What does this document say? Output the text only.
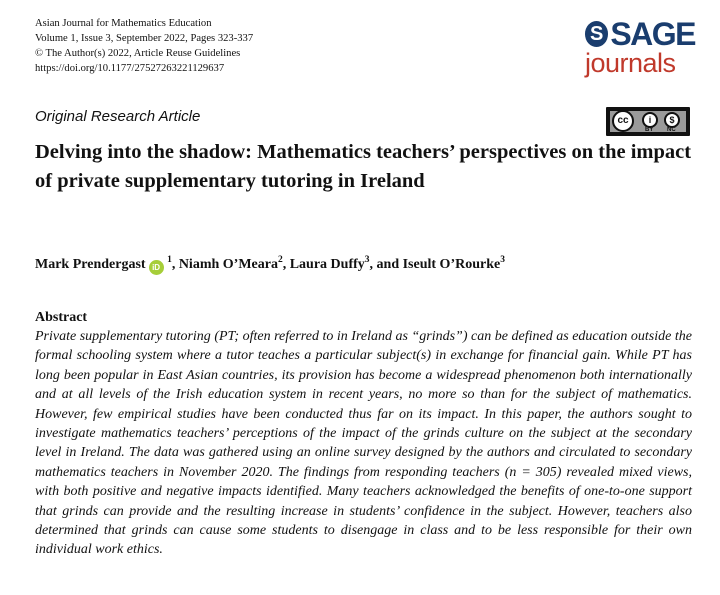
Asian Journal for Mathematics Education
Volume 1, Issue 3, September 2022, Pages 323-337
© The Author(s) 2022, Article Reuse Guidelines
https://doi.org/10.1177/27527263221129637
S SAGE
journals
Original Research Article	cc	i	$
BY NC
Delving into the shadow: Mathematics teachers’ perspectives on the impact of private supplementary tutoring in Ireland
Mark Prendergast iD $^1$, Niamh O’Meara$^2$, Laura Duffy$^3$, and Iseult O’Rourke$^3$
Abstract

Private supplementary tutoring (PT; often referred to in Ireland as “grinds”) can be defined as education outside the formal schooling system where a tutor teaches a particular subject(s) in exchange for financial gain. While PT has long been popular in East Asian countries, its provision has become a widespread phenomenon both internationally and at all levels of the Irish education system in recent years, no more so than for the subject of mathematics. However, few empirical studies have been conducted thus far on its impact. In this paper, the authors sought to investigate mathematics teachers’ perceptions of the impact of the grinds culture on the subject at the secondary level in Ireland. The data was gathered using an online survey designed by the authors and circulated to secondary mathematics teachers in November 2020. The findings from responding teachers (n = 305) revealed mixed views, with both positive and negative impacts identified. Many teachers acknowledged the benefits of one-to-one support that grinds can provide and the resulting increase in students’ confidence in the subject. However, teachers also determined that grinds can cause some students to disengage in class and to be less responsible for their own individual work ethics.
